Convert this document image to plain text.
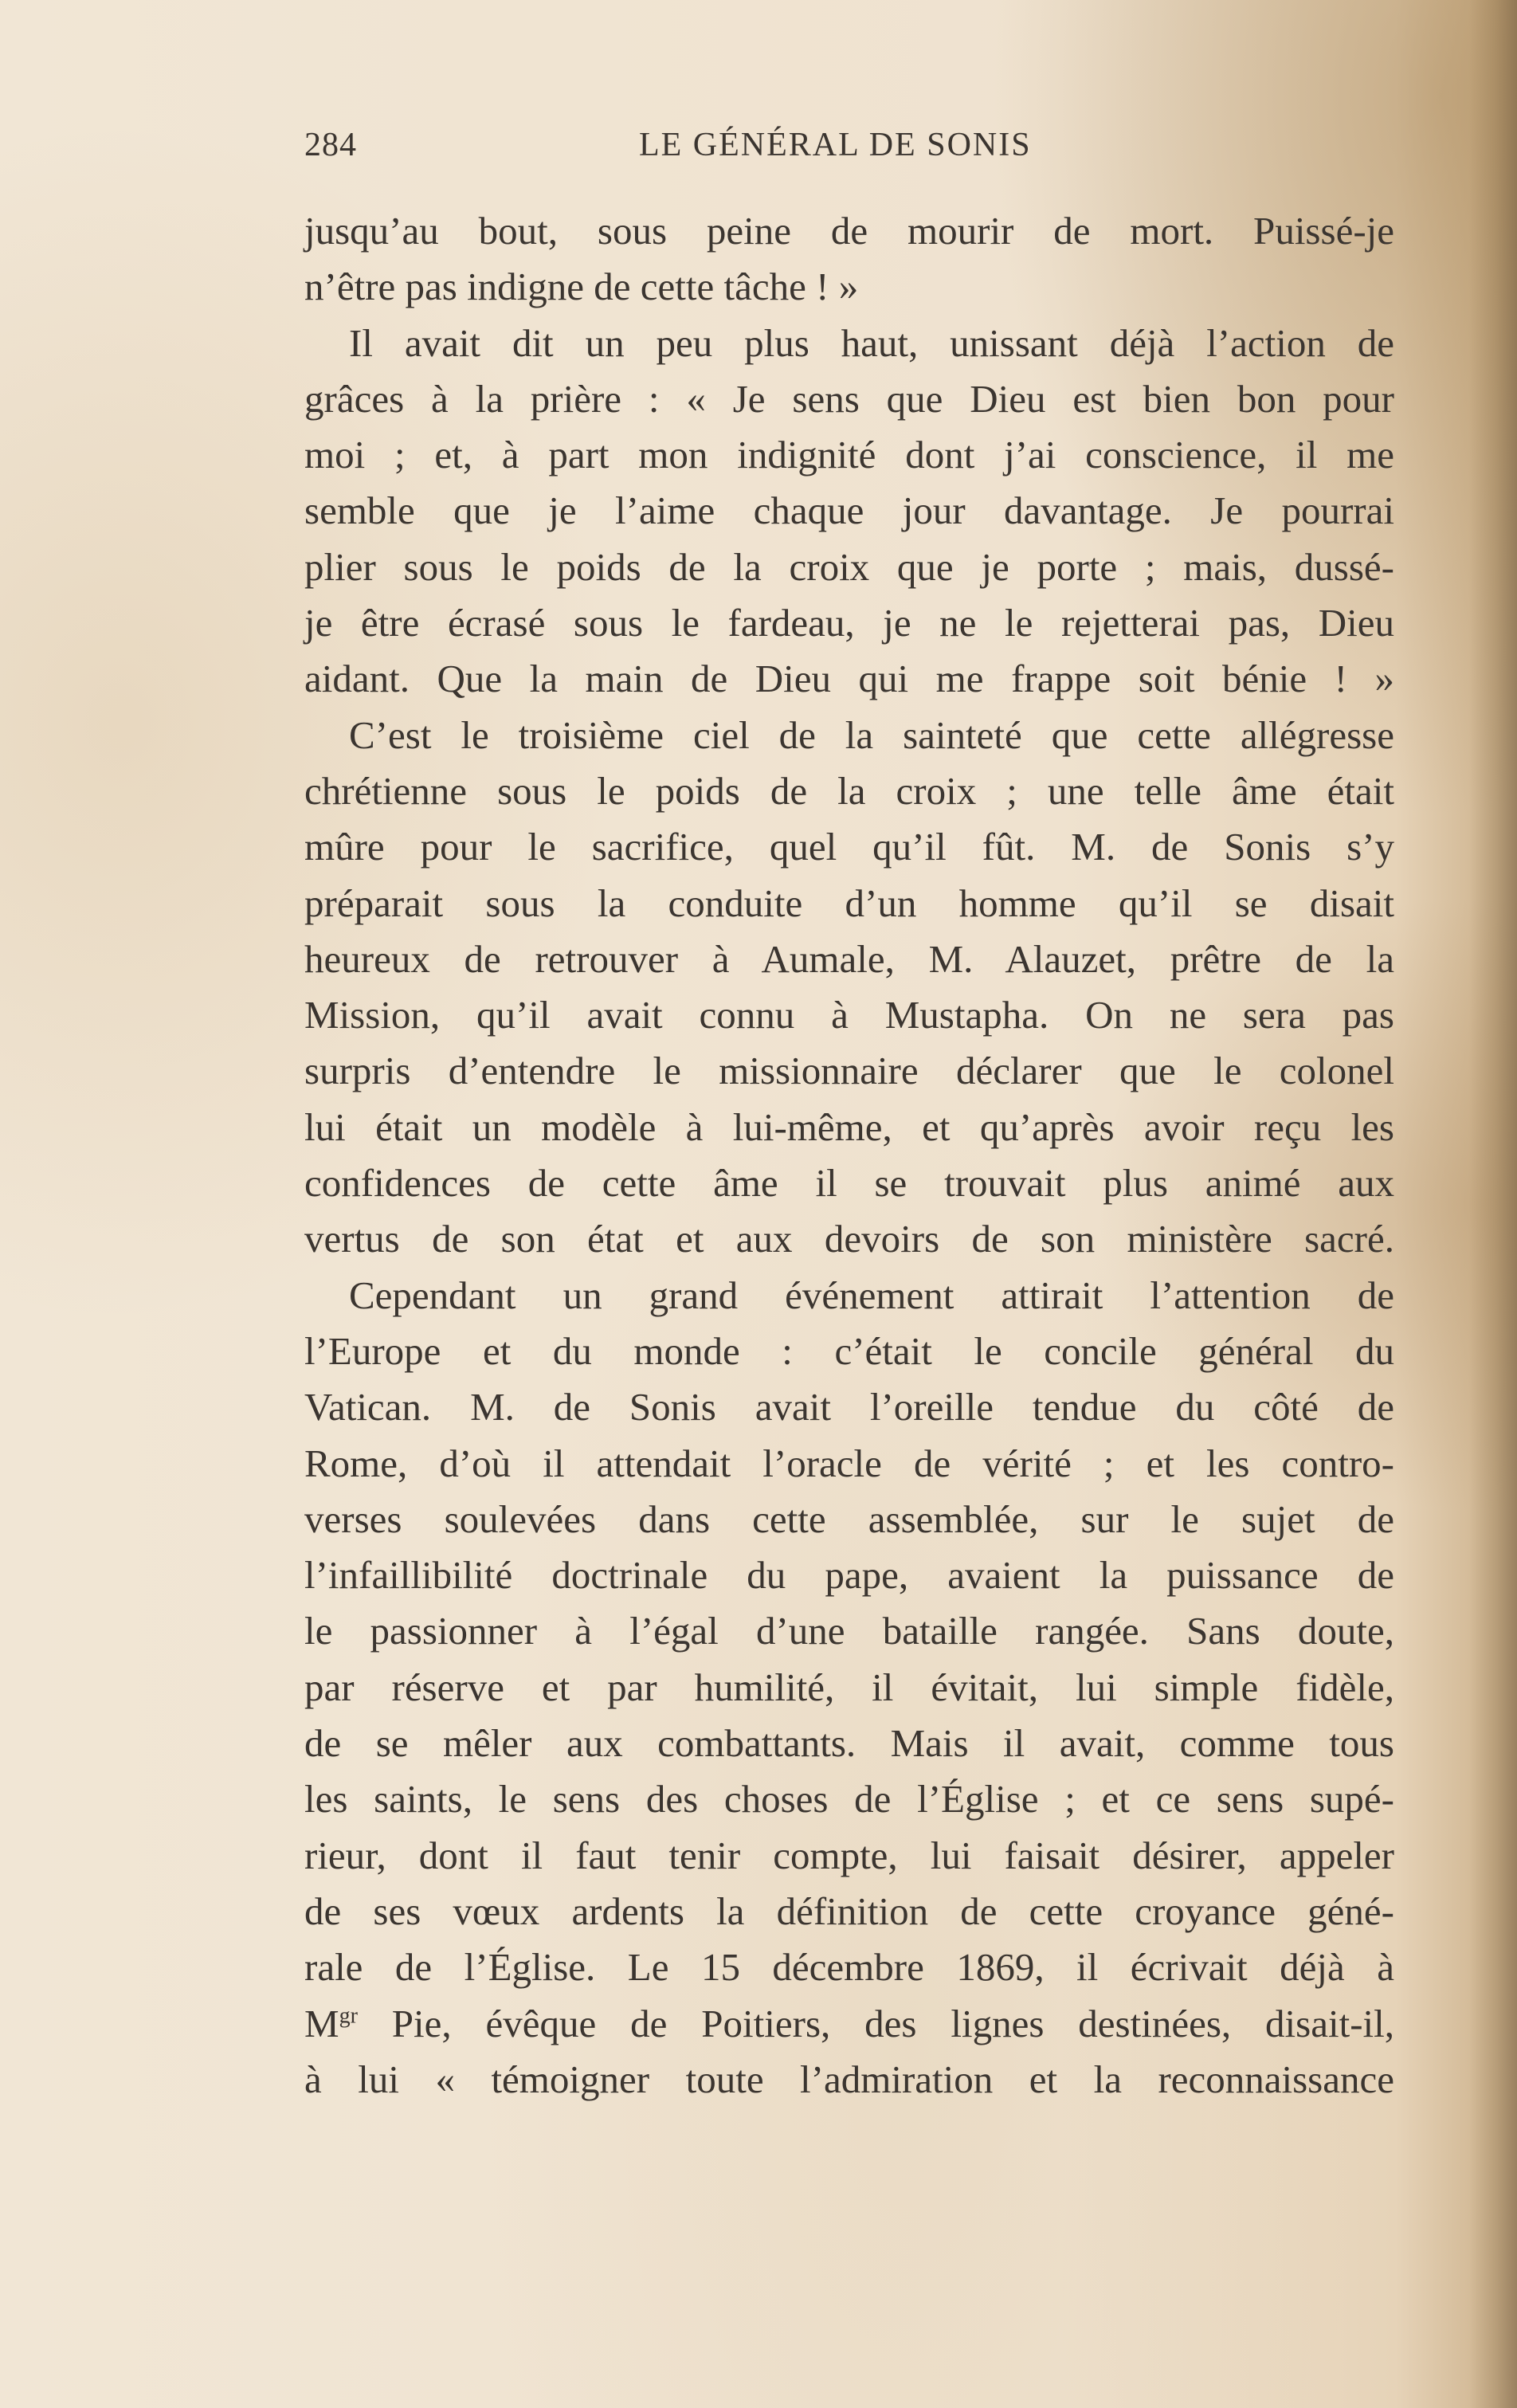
284	LE GÉNÉRAL DE SONIS
jusqu’au bout, sous peine de mourir de mort. Puissé-je
n’être pas indigne de cette tâche ! »
Il avait dit un peu plus haut, unissant déjà l’action de
grâces à la prière : « Je sens que Dieu est bien bon pour
moi ; et, à part mon indignité dont j’ai conscience, il me
semble que je l’aime chaque jour davantage. Je pourrai
plier sous le poids de la croix que je porte ; mais, dussé-
je être écrasé sous le fardeau, je ne le rejetterai pas, Dieu
aidant. Que la main de Dieu qui me frappe soit bénie ! »
C’est le troisième ciel de la sainteté que cette allégresse
chrétienne sous le poids de la croix ; une telle âme était
mûre pour le sacrifice, quel qu’il fût. M. de Sonis s’y
préparait sous la conduite d’un homme qu’il se disait
heureux de retrouver à Aumale, M. Alauzet, prêtre de la
Mission, qu’il avait connu à Mustapha. On ne sera pas
surpris d’entendre le missionnaire déclarer que le colonel
lui était un modèle à lui-même, et qu’après avoir reçu les
confidences de cette âme il se trouvait plus animé aux
vertus de son état et aux devoirs de son ministère sacré.
Cependant un grand événement attirait l’attention de
l’Europe et du monde : c’était le concile général du
Vatican. M. de Sonis avait l’oreille tendue du côté de
Rome, d’où il attendait l’oracle de vérité ; et les contro-
verses soulevées dans cette assemblée, sur le sujet de
l’infaillibilité doctrinale du pape, avaient la puissance de
le passionner à l’égal d’une bataille rangée. Sans doute,
par réserve et par humilité, il évitait, lui simple fidèle,
de se mêler aux combattants. Mais il avait, comme tous
les saints, le sens des choses de l’Église ; et ce sens supé-
rieur, dont il faut tenir compte, lui faisait désirer, appeler
de ses vœux ardents la définition de cette croyance géné-
rale de l’Église. Le 15 décembre 1869, il écrivait déjà à
$M^{gr}$ Pie, évêque de Poitiers, des lignes destinées, disait-il,
à lui « témoigner toute l’admiration et la reconnaissance
